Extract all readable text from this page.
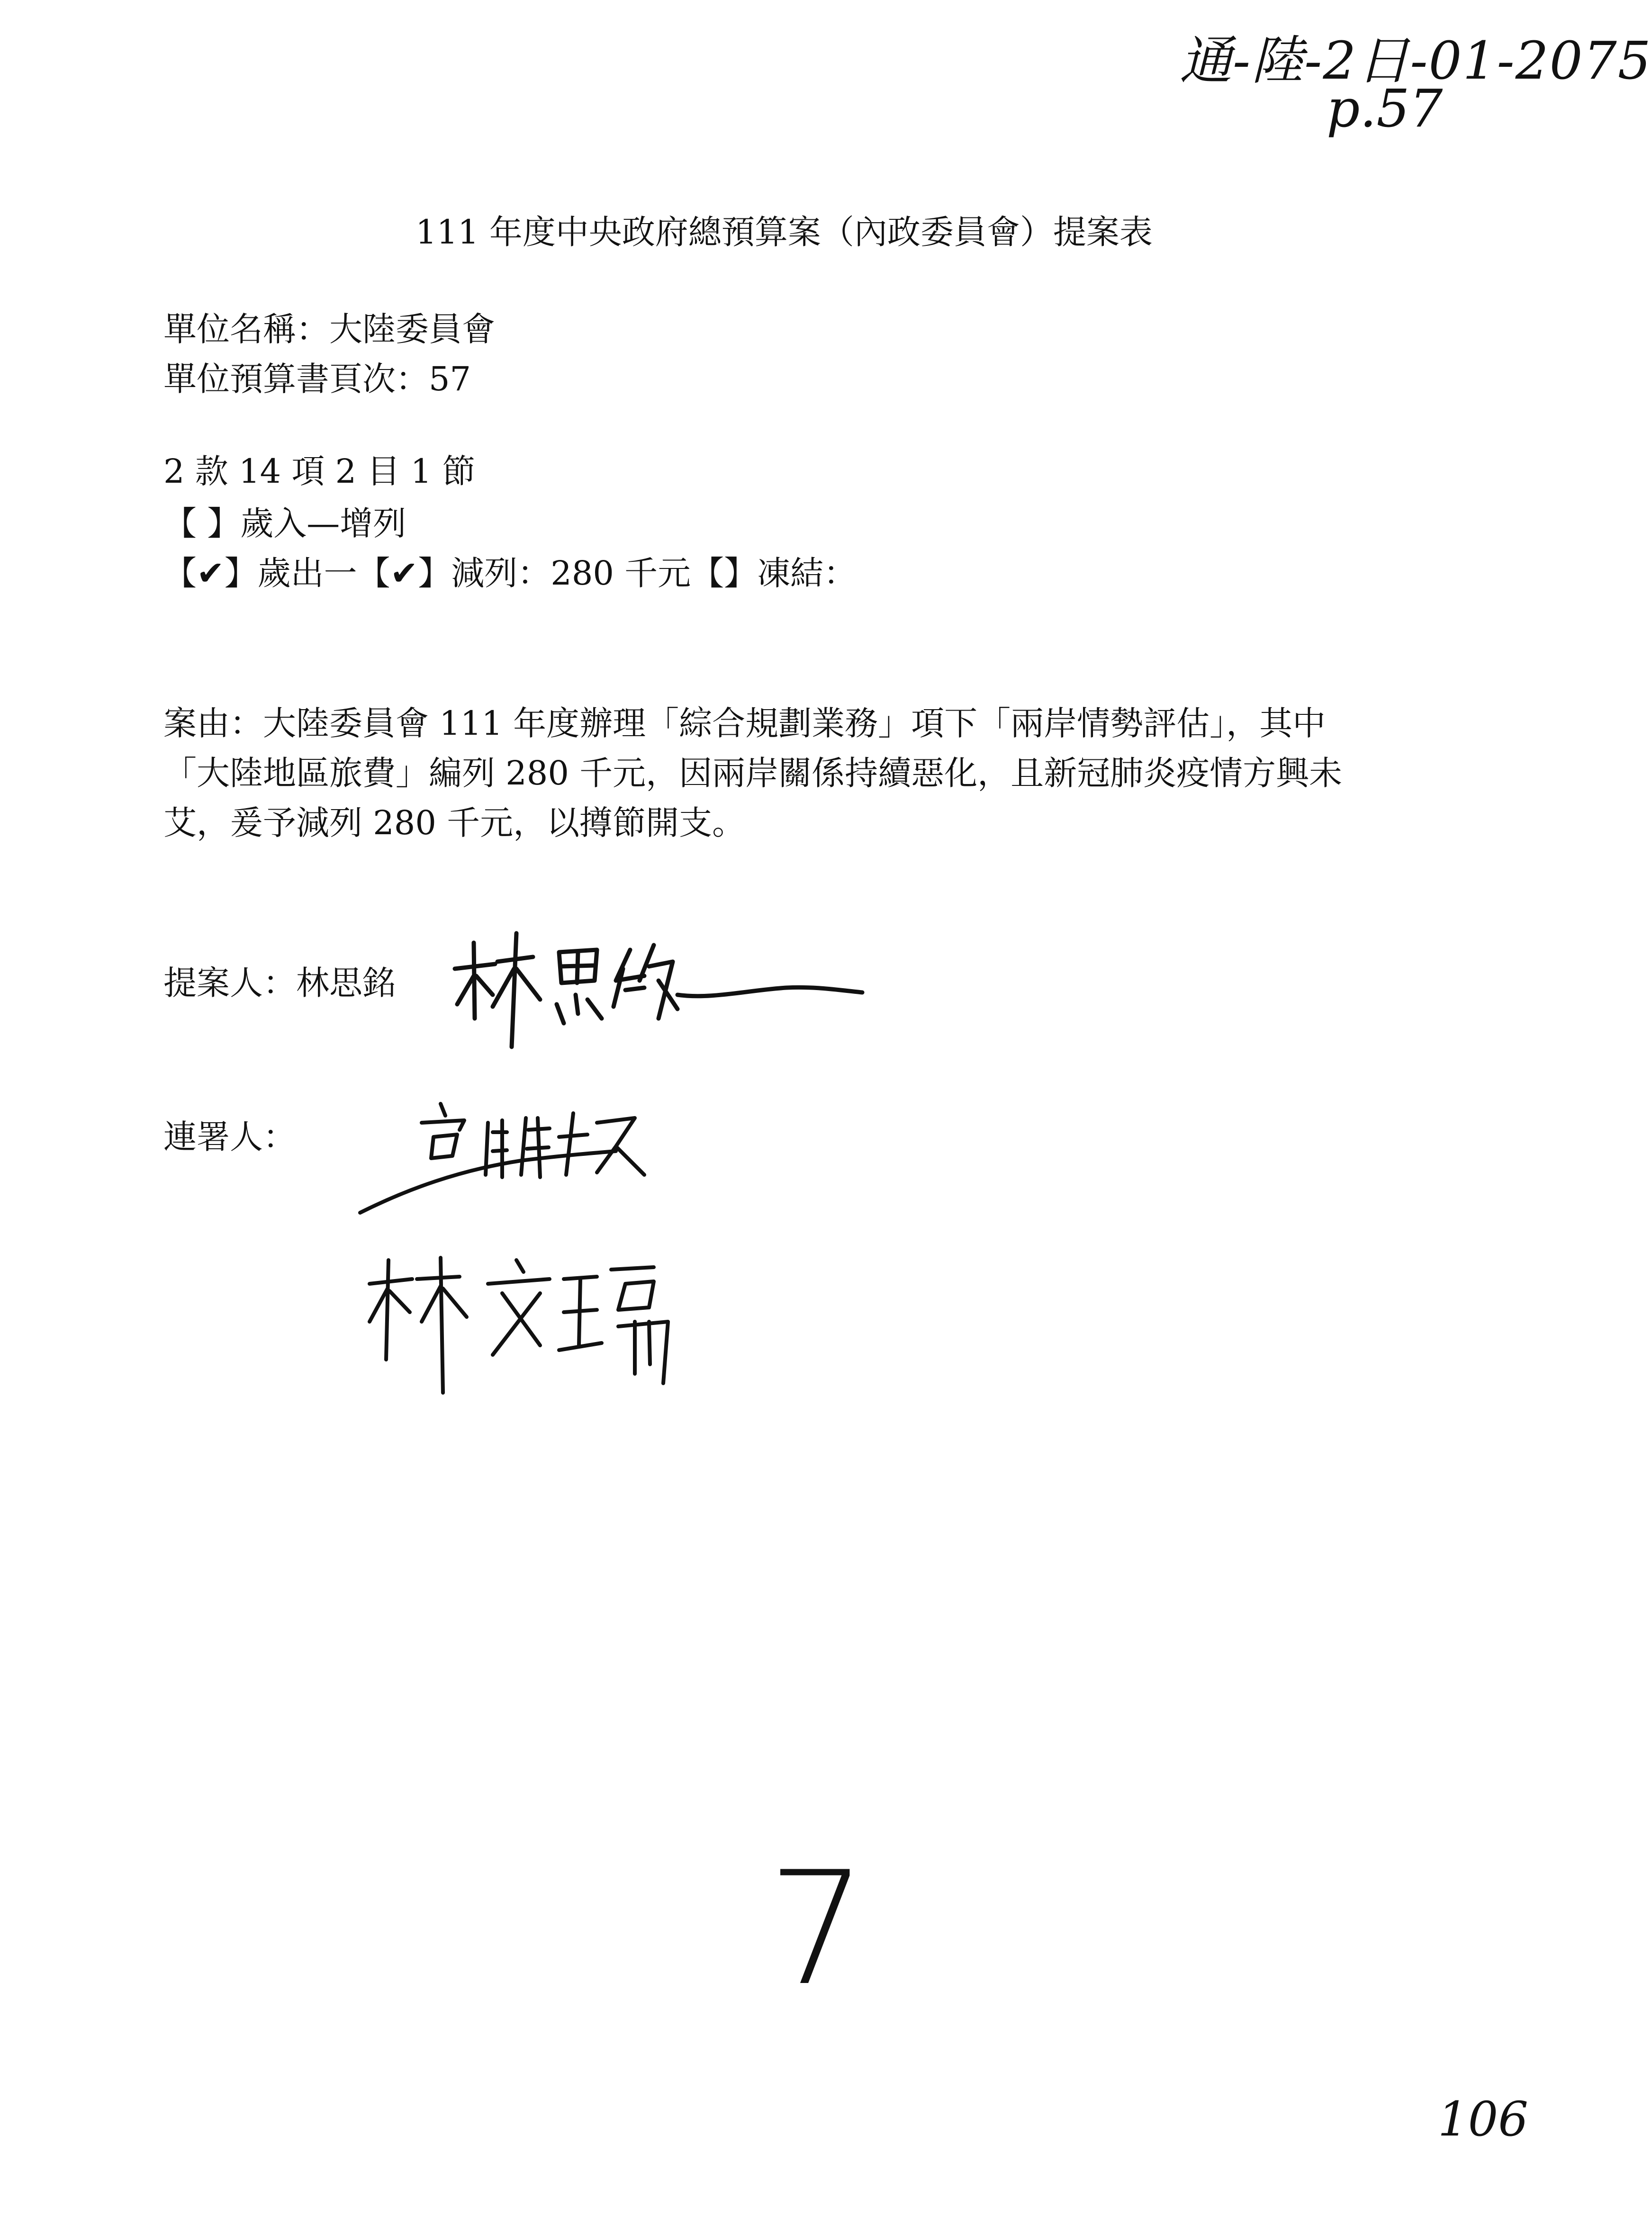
通-陸-2日-01-2075
p.57
111 年度中央政府總預算案（內政委員會）提案表
單位名稱：大陸委員會
單位預算書頁次：57
2 款 14 項 2 目 1 節
【 】歲入—增列
【✔】歲出一【✔】減列：280 千元【】凍結：
案由：大陸委員會 111 年度辦理「綜合規劃業務」項下「兩岸情勢評估」，其中
「大陸地區旅費」編列 280 千元，因兩岸關係持續惡化，且新冠肺炎疫情方興未
艾，爰予減列 280 千元，以撙節開支。
提案人：林思銘
連署人：
7
106
